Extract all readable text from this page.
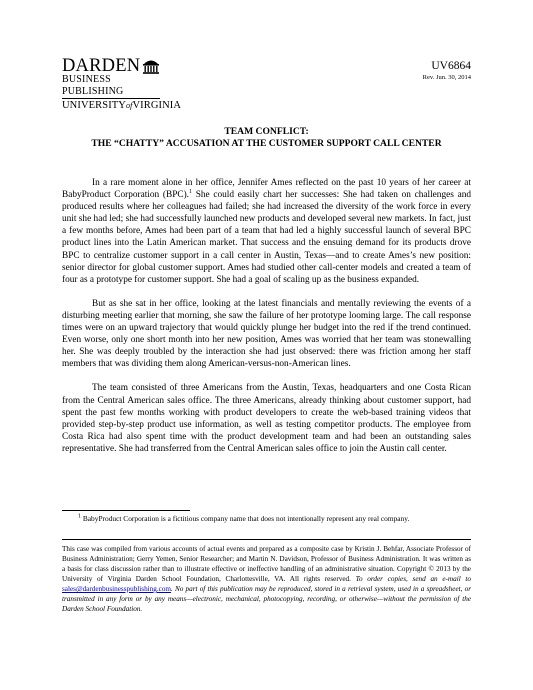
DARDEN
BUSINESS PUBLISHING
UNIVERSITYofVIRGINIA
UV6864
Rev. Jun. 30, 2014
TEAM CONFLICT:
THE “CHATTY” ACCUSATION AT THE CUSTOMER SUPPORT CALL CENTER

In a rare moment alone in her office, Jennifer Ames reflected on the past 10 years of her career at BabyProduct Corporation (BPC).$^1$ She could easily chart her successes: She had taken on challenges and produced results where her colleagues had failed; she had increased the diversity of the work force in every unit she had led; she had successfully launched new products and developed several new markets. In fact, just a few months before, Ames had been part of a team that had led a highly successful launch of several BPC product lines into the Latin American market. That success and the ensuing demand for its products drove BPC to centralize customer support in a call center in Austin, Texas—and to create Ames’s new position: senior director for global customer support. Ames had studied other call-center models and created a team of four as a prototype for customer support. She had a goal of scaling up as the business expanded.

But as she sat in her office, looking at the latest financials and mentally reviewing the events of a disturbing meeting earlier that morning, she saw the failure of her prototype looming large. The call response times were on an upward trajectory that would quickly plunge her budget into the red if the trend continued. Even worse, only one short month into her new position, Ames was worried that her team was stonewalling her. She was deeply troubled by the interaction she had just observed: there was friction among her staff members that was dividing them along American-versus-non-American lines.

The team consisted of three Americans from the Austin, Texas, headquarters and one Costa Rican from the Central American sales office. The three Americans, already thinking about customer support, had spent the past few months working with product developers to create the web-based training videos that provided step-by-step product use information, as well as testing competitor products. The employee from Costa Rica had also spent time with the product development team and had been an outstanding sales representative. She had transferred from the Central American sales office to join the Austin call center.

$^1$ BabyProduct Corporation is a fictitious company name that does not intentionally represent any real company.
This case was compiled from various accounts of actual events and prepared as a composite case by Kristin J. Behfar, Associate Professor of Business Administration; Gerry Yemen, Senior Researcher; and Martin N. Davidson, Professor of Business Administration. It was written as a basis for class discussion rather than to illustrate effective or ineffective handling of an administrative situation. Copyright © 2013 by the University of Virginia Darden School Foundation, Charlottesville, VA. All rights reserved. To order copies, send an e-mail to sales@dardenbusinesspublishing.com. No part of this publication may be reproduced, stored in a retrieval system, used in a spreadsheet, or transmitted in any form or by any means—electronic, mechanical, photocopying, recording, or otherwise—without the permission of the Darden School Foundation.
